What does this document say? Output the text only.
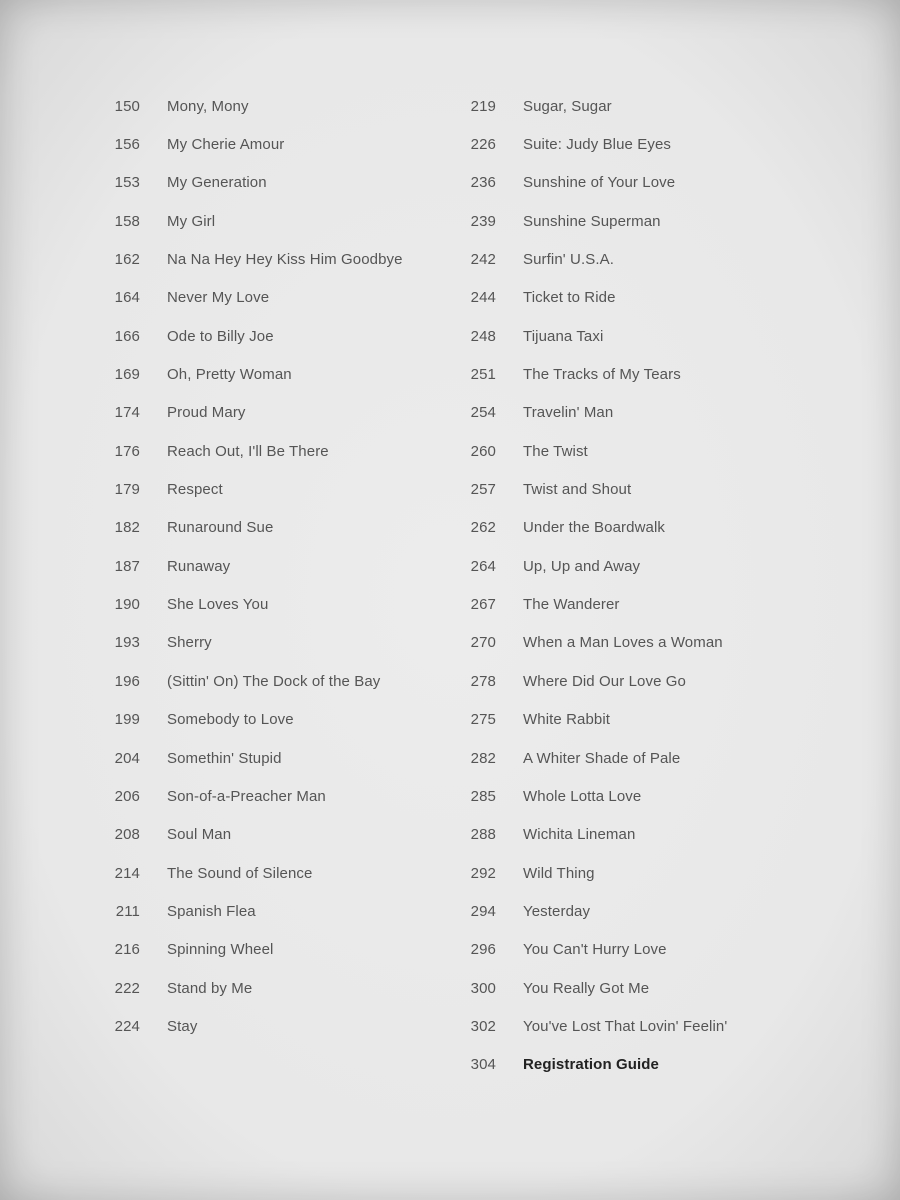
150 Mony, Mony
156 My Cherie Amour
153 My Generation
158 My Girl
162 Na Na Hey Hey Kiss Him Goodbye
164 Never My Love
166 Ode to Billy Joe
169 Oh, Pretty Woman
174 Proud Mary
176 Reach Out, I'll Be There
179 Respect
182 Runaround Sue
187 Runaway
190 She Loves You
193 Sherry
196 (Sittin' On) The Dock of the Bay
199 Somebody to Love
204 Somethin' Stupid
206 Son-of-a-Preacher Man
208 Soul Man
214 The Sound of Silence
211 Spanish Flea
216 Spinning Wheel
222 Stand by Me
224 Stay
219 Sugar, Sugar
226 Suite: Judy Blue Eyes
236 Sunshine of Your Love
239 Sunshine Superman
242 Surfin' U.S.A.
244 Ticket to Ride
248 Tijuana Taxi
251 The Tracks of My Tears
254 Travelin' Man
260 The Twist
257 Twist and Shout
262 Under the Boardwalk
264 Up, Up and Away
267 The Wanderer
270 When a Man Loves a Woman
278 Where Did Our Love Go
275 White Rabbit
282 A Whiter Shade of Pale
285 Whole Lotta Love
288 Wichita Lineman
292 Wild Thing
294 Yesterday
296 You Can't Hurry Love
300 You Really Got Me
302 You've Lost That Lovin' Feelin'
304 Registration Guide
